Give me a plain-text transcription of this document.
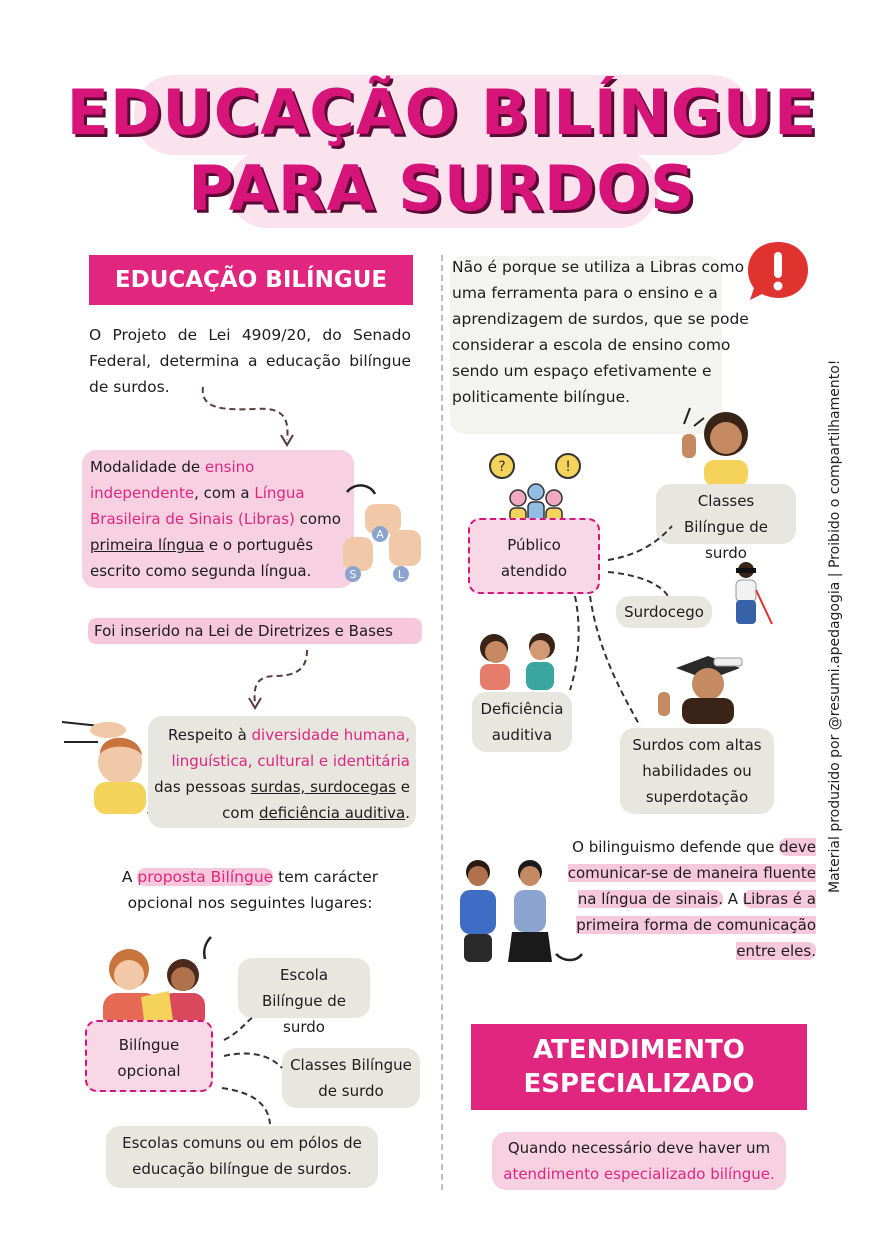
EDUCAÇÃO BILÍNGUE
PARA SURDOS
EDUCAÇÃO BILÍNGUE
O Projeto de Lei 4909/20, do Senado Federal, determina a educação bilíngue de surdos.
Modalidade de ensino independente, com a Língua Brasileira de Sinais (Libras) como primeira língua e o português escrito como segunda língua.
A
S	L
Foi inserido na Lei de Diretrizes e Bases
Respeito à diversidade humana, linguística, cultural e identitária das pessoas surdas, surdocegas e com deficiência auditiva.
A proposta Bilíngue tem carácter opcional nos seguintes lugares:
Bilíngue opcional
Escola Bilíngue de surdo
Classes Bilíngue de surdo
Escolas comuns ou em pólos de educação bilíngue de surdos.
Não é porque se utiliza a Libras como uma ferramenta para o ensino e a aprendizagem de surdos, que se pode considerar a escola de ensino como sendo um espaço efetivamente e politicamente bilíngue.
?	!
Público atendido
Classes Bilíngue de surdo
Surdocego
Deficiência auditiva
Surdos com altas habilidades ou superdotação
O bilinguismo defende que deve comunicar-se de maneira fluente na língua de sinais. A Libras é a primeira forma de comunicação entre eles.
ATENDIMENTO ESPECIALIZADO
Quando necessário deve haver um atendimento especializado bilíngue.
Material produzido por @resumi.apedagogia | Proibido o compartilhamento!
